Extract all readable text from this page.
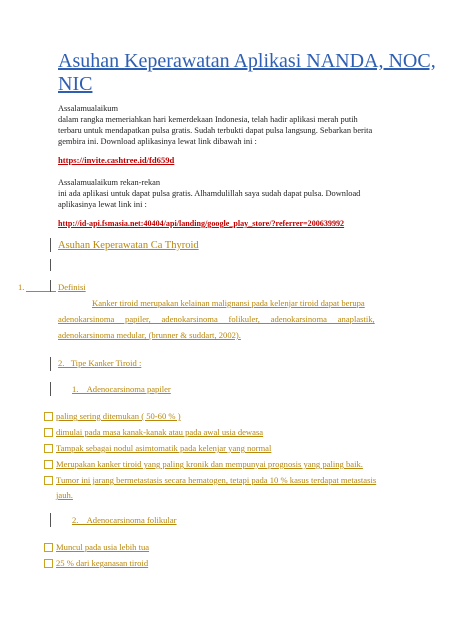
Asuhan Keperawatan Aplikasi NANDA, NOC, NIC
Assalamualaikum
dalam rangka memeriahkan hari kemerdekaan Indonesia, telah hadir aplikasi merah putih
terbaru untuk mendapatkan pulsa gratis. Sudah terbukti dapat pulsa langsung. Sebarkan berita
gembira ini. Download aplikasinya lewat link dibawah ini :
https://invite.cashtree.id/fd659d
Assalamualaikum rekan-rekan
ini ada aplikasi untuk dapat pulsa gratis. Alhamdulillah saya sudah dapat pulsa. Download
aplikasinya lewat link ini :
http://id-api.fsmasia.net:40404/api/landing/google_play_store/?referrer=200639992
Asuhan Keperawatan Ca Thyroid
1.	Definisi
Kanker tiroid merupakan kelainan malignansi pada kelenjar tiroid dapat berupa
adenokarsinoma     papiler,     adenokarsinoma     folikuler,     adenokarsinoma     anaplastik,
adenokarsinoma medular, (brunner & suddart, 2002).
2.   Tipe Kanker Tiroid :
1.    Adenocarsinoma papiler
paling sering ditemukan ( 50-60 % )
dimulai pada masa kanak-kanak atau pada awal usia dewasa
Tampak sebagai nodul asimtomatik pada kelenjar yang normal
Merupakan kanker tiroid yang paling kronik dan mempunyai prognosis yang paling baik.
Tumor ini jarang bermetastasis secara hematogen, tetapi pada 10 % kasus terdapat metastasis
jauh.
2.    Adenocarsinoma folikular
Muncul pada usia lebih tua
25 % dari keganasan tiroid
